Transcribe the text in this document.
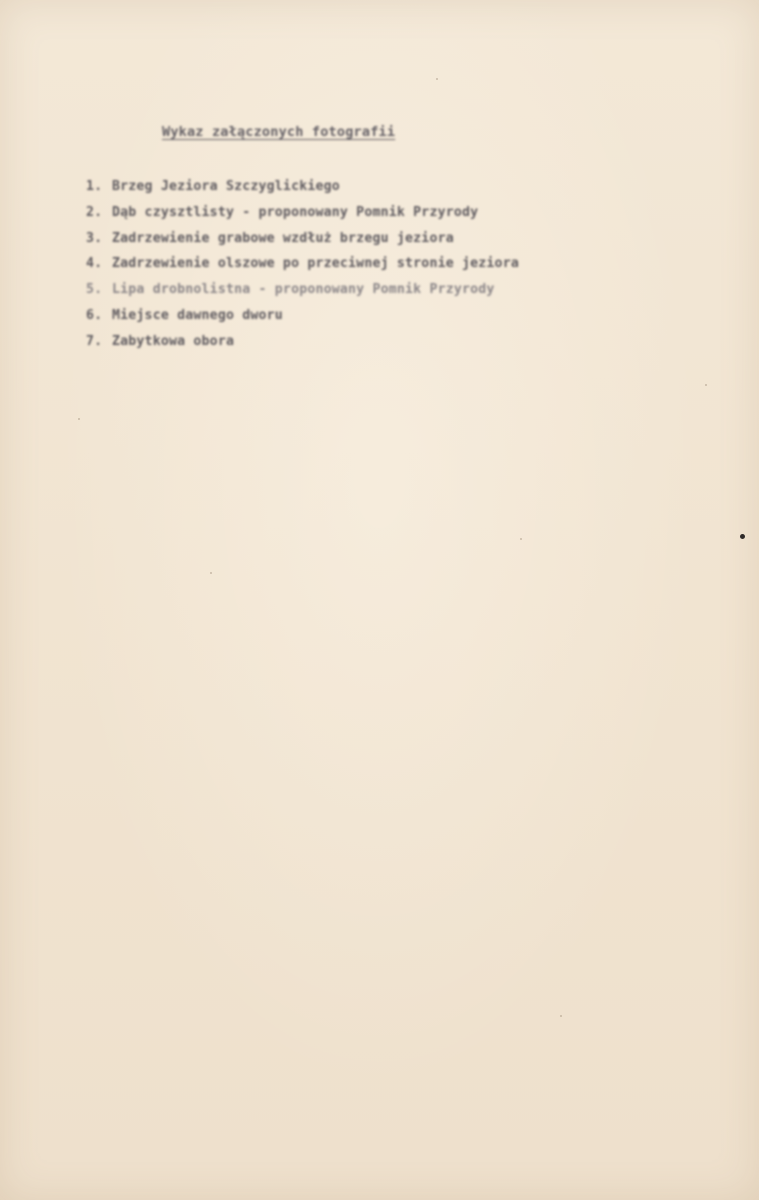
Wykaz załączonych fotografii
1. Brzeg Jeziora Szczyglickiego
2. Dąb czysztlisty - proponowany Pomnik Przyrody
3. Zadrzewienie grabowe wzdłuż brzegu jeziora
4. Zadrzewienie olszowe po przeciwnej stronie jeziora
5. Lipa drobnolistna - proponowany Pomnik Przyrody
6. Miejsce dawnego dworu
7. Zabytkowa obora
